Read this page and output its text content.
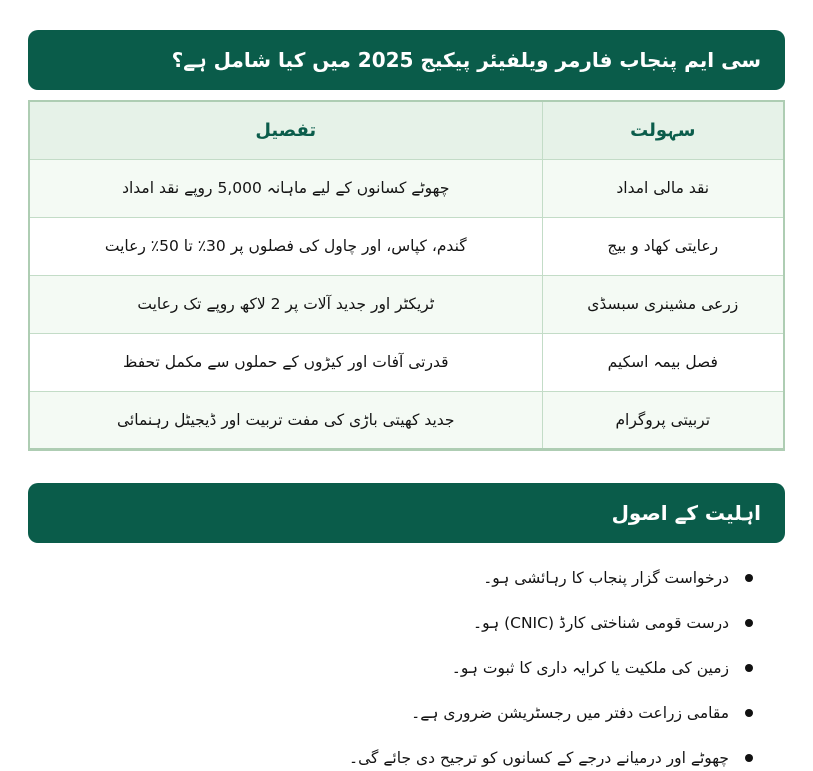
سی ایم پنجاب فارمر ویلفیئر پیکیج 2025 میں کیا شامل ہے؟
سہولت	تفصیل
نقد مالی امداد	چھوٹے کسانوں کے لیے ماہانہ 5,000 روپے نقد امداد
رعایتی کھاد و بیج	گندم، کپاس، اور چاول کی فصلوں پر 30٪ تا 50٪ رعایت
زرعی مشینری سبسڈی	ٹریکٹر اور جدید آلات پر 2 لاکھ روپے تک رعایت
فصل بیمہ اسکیم	قدرتی آفات اور کیڑوں کے حملوں سے مکمل تحفظ
تربیتی پروگرام	جدید کھیتی باڑی کی مفت تربیت اور ڈیجیٹل رہنمائی
اہلیت کے اصول
درخواست گزار پنجاب کا رہائشی ہو۔
درست قومی شناختی کارڈ (CNIC) ہو۔
زمین کی ملکیت یا کرایہ داری کا ثبوت ہو۔
مقامی زراعت دفتر میں رجسٹریشن ضروری ہے۔
چھوٹے اور درمیانے درجے کے کسانوں کو ترجیح دی جائے گی۔
